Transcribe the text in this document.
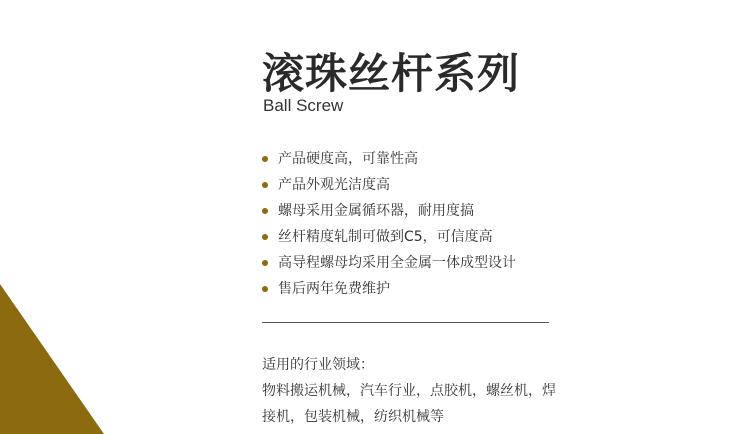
滚珠丝杆系列
Ball Screw
产品硬度高，可靠性高
产品外观光洁度高
螺母采用金属循环器，耐用度搞
丝杆精度轧制可做到C5，可信度高
高导程螺母均采用全金属一体成型设计
售后两年免费维护
适用的行业领域：
物料搬运机械，汽车行业，点胶机，螺丝机，焊
接机，包装机械，纺织机械等
